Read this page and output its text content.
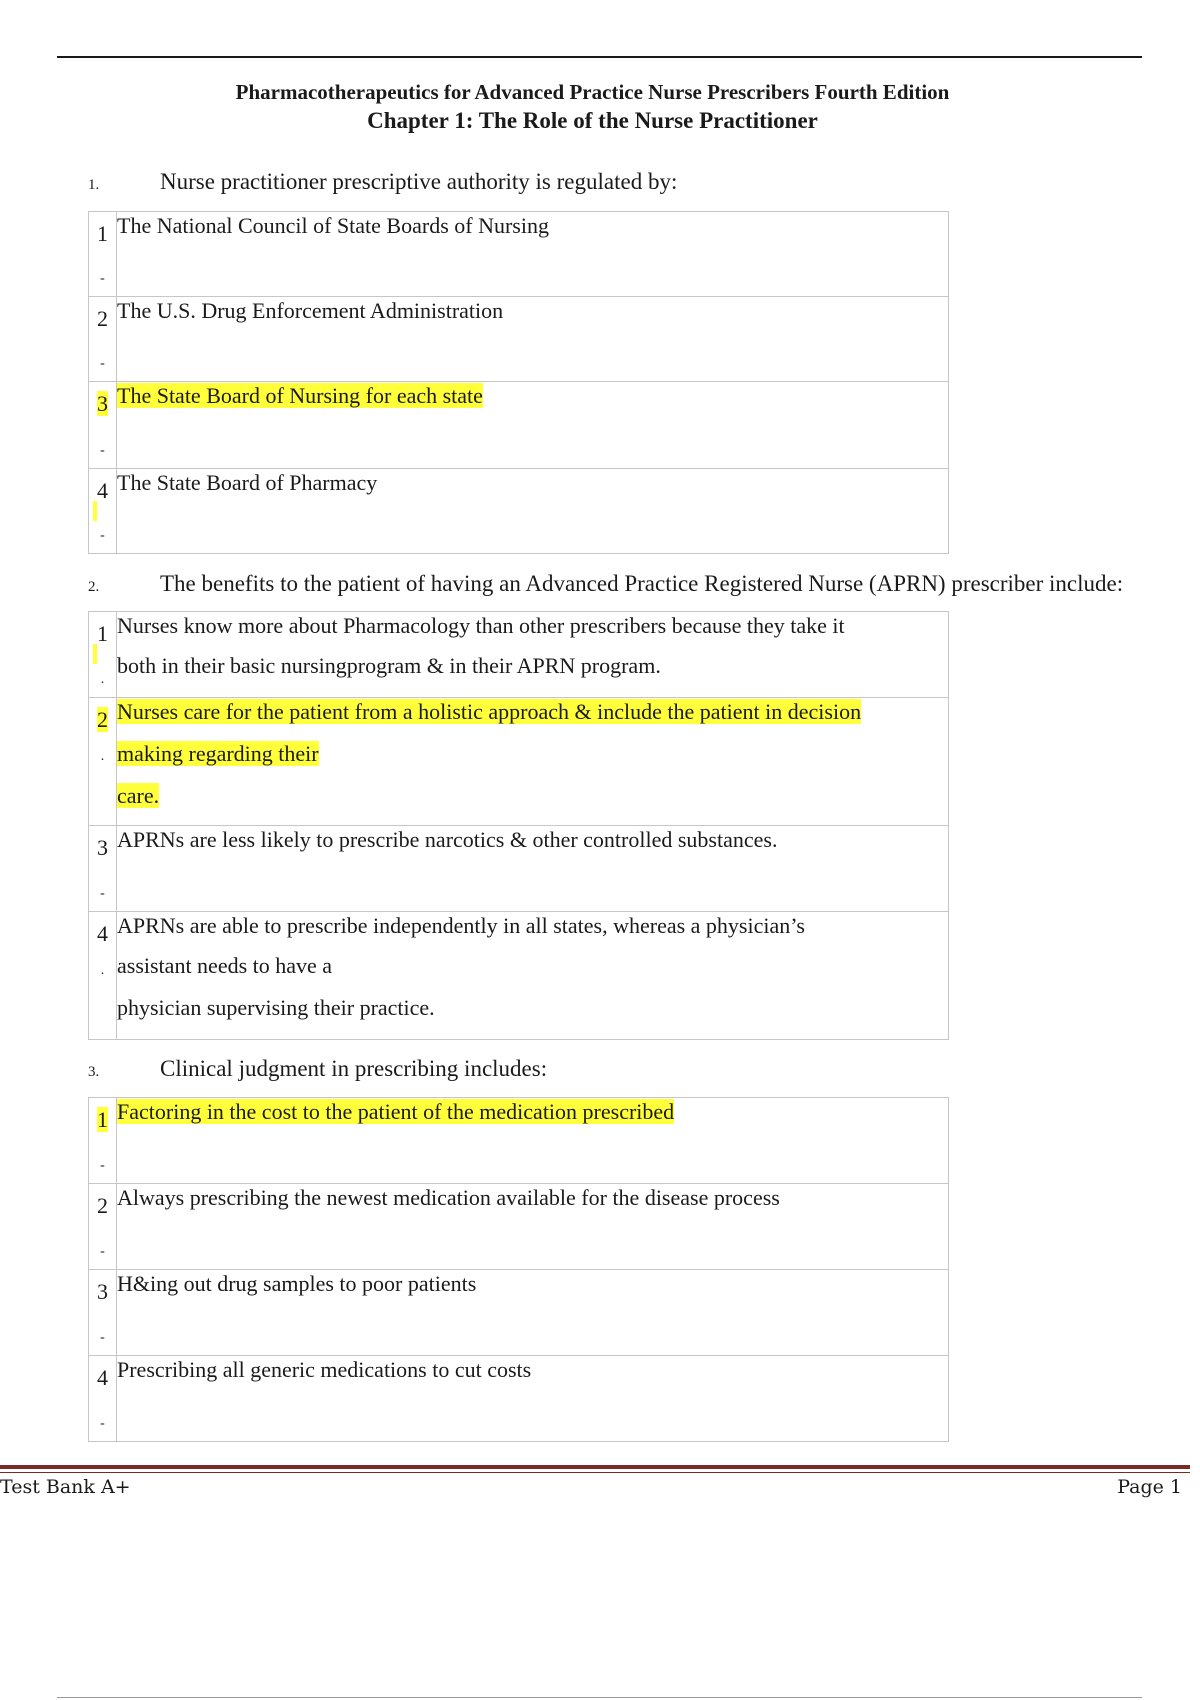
Pharmacotherapeutics for Advanced Practice Nurse Prescribers Fourth Edition
Chapter 1: The Role of the Nurse Practitioner
1.	Nurse practitioner prescriptive authority is regulated by:
1
-	The National Council of State Boards of Nursing

2
-	The U.S. Drug Enforcement Administration

3
-	The State Board of Nursing for each state

4
-	The State Board of Pharmacy
2.	The benefits to the patient of having an Advanced Practice Registered Nurse (APRN) prescriber include:
1
.	Nurses know more about Pharmacology than other prescribers because they take it
both in their basic nursingprogram & in their APRN program.

2
.	Nurses care for the patient from a holistic approach & include the patient in decision
making regarding their
care.

3
-	APRNs are less likely to prescribe narcotics & other controlled substances.

4
.	APRNs are able to prescribe independently in all states, whereas a physician’s
assistant needs to have a
physician supervising their practice.
3.	Clinical judgment in prescribing includes:
1
-	Factoring in the cost to the patient of the medication prescribed

2
-	Always prescribing the newest medication available for the disease process

3
-	H&ing out drug samples to poor patients

4
-	Prescribing all generic medications to cut costs
Test Bank A+	Page 1
